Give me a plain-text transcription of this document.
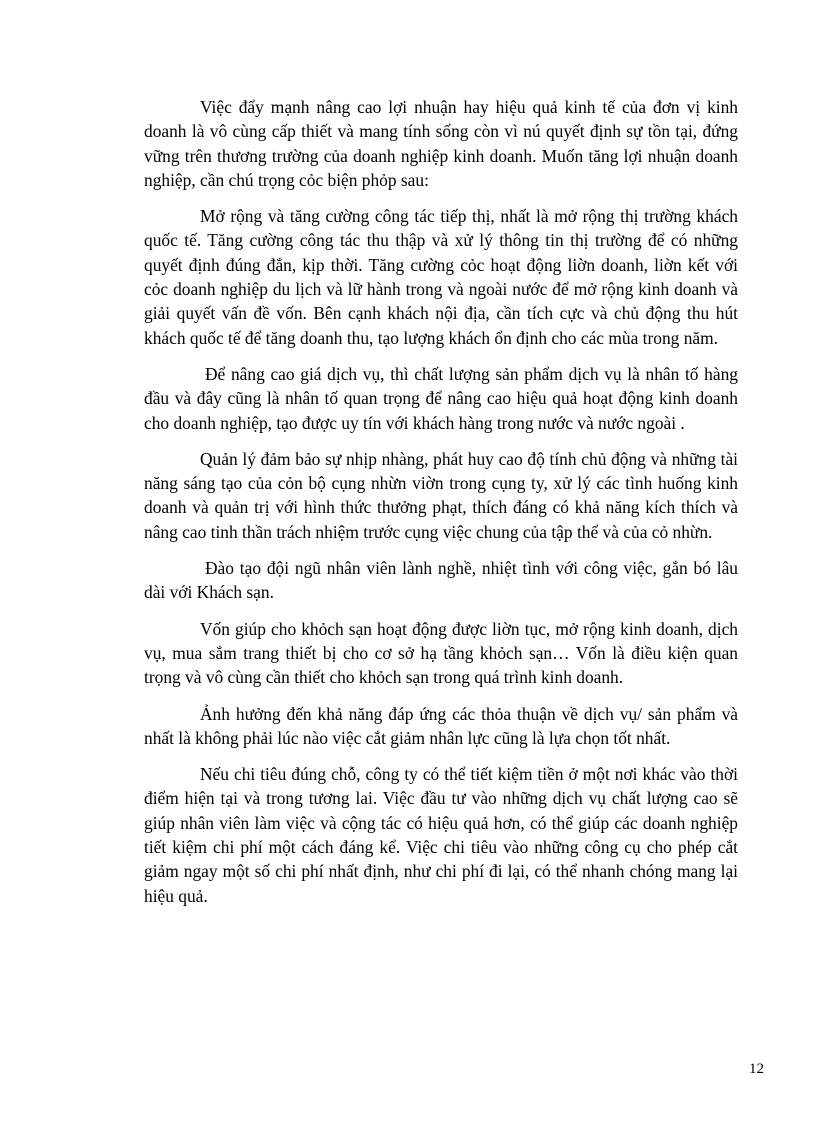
Việc đẩy mạnh nâng cao lợi nhuận hay hiệu quả kinh tế của đơn vị kinh doanh là vô cùng cấp thiết và mang tính sống còn vì nú quyết định sự tồn tại, đứng vững trên thương trường của doanh nghiệp kinh doanh. Muốn tăng lợi nhuận doanh nghiệp, cần chú trọng cỏc biện phỏp sau:

Mở rộng và tăng cường công tác tiếp thị, nhất là mở rộng thị trường khách quốc tế. Tăng cường công tác thu thập và xử lý thông tin thị trường để có những quyết định đúng đắn, kịp thời. Tăng cường cỏc hoạt động liờn doanh, liờn kết với cỏc doanh nghiệp du lịch và lữ hành trong và ngoài nước để mở rộng kinh doanh và giải quyết vấn đề vốn. Bên cạnh khách nội địa, cần tích cực và chủ động thu hút khách quốc tế để tăng doanh thu, tạo lượng khách ổn định cho các mùa trong năm.

Để nâng cao giá dịch vụ, thì chất lượng sản phẩm dịch vụ là nhân tố hàng đầu và đây cũng là nhân tố quan trọng để nâng cao hiệu quả hoạt động kinh doanh cho doanh nghiệp, tạo được uy tín với khách hàng trong nước và nước ngoài .

Quản lý đảm bảo sự nhịp nhàng, phát huy cao độ tính chủ động và những tài năng sáng tạo của cỏn bộ cụng nhừn viờn trong cụng ty, xử lý các tình huống kinh doanh và quản trị với hình thức thưởng phạt, thích đáng có khả năng kích thích và nâng cao tinh thần trách nhiệm trước cụng việc chung của tập thể và của cỏ nhừn.

Đào tạo đội ngũ nhân viên lành nghề, nhiệt tình với công việc, gắn bó lâu dài với Khách sạn.

Vốn giúp cho khỏch sạn hoạt động được liờn tục, mở rộng kinh doanh, dịch vụ, mua sắm trang thiết bị cho cơ sở hạ tầng khỏch sạn… Vốn là điều kiện quan trọng và vô cùng cần thiết cho khỏch sạn trong quá trình kinh doanh.

Ảnh hưởng đến khả năng đáp ứng các thỏa thuận về dịch vụ/ sản phẩm và nhất là không phải lúc nào việc cắt giảm nhân lực cũng là lựa chọn tốt nhất.

Nếu chi tiêu đúng chỗ, công ty có thể tiết kiệm tiền ở một nơi khác vào thời điểm hiện tại và trong tương lai. Việc đầu tư vào những dịch vụ chất lượng cao sẽ giúp nhân viên làm việc và cộng tác có hiệu quả hơn, có thể giúp các doanh nghiệp tiết kiệm chi phí một cách đáng kể. Việc chi tiêu vào những công cụ cho phép cắt giảm ngay một số chi phí nhất định, như chi phí đi lại, có thể nhanh chóng mang lại hiệu quả.

12
